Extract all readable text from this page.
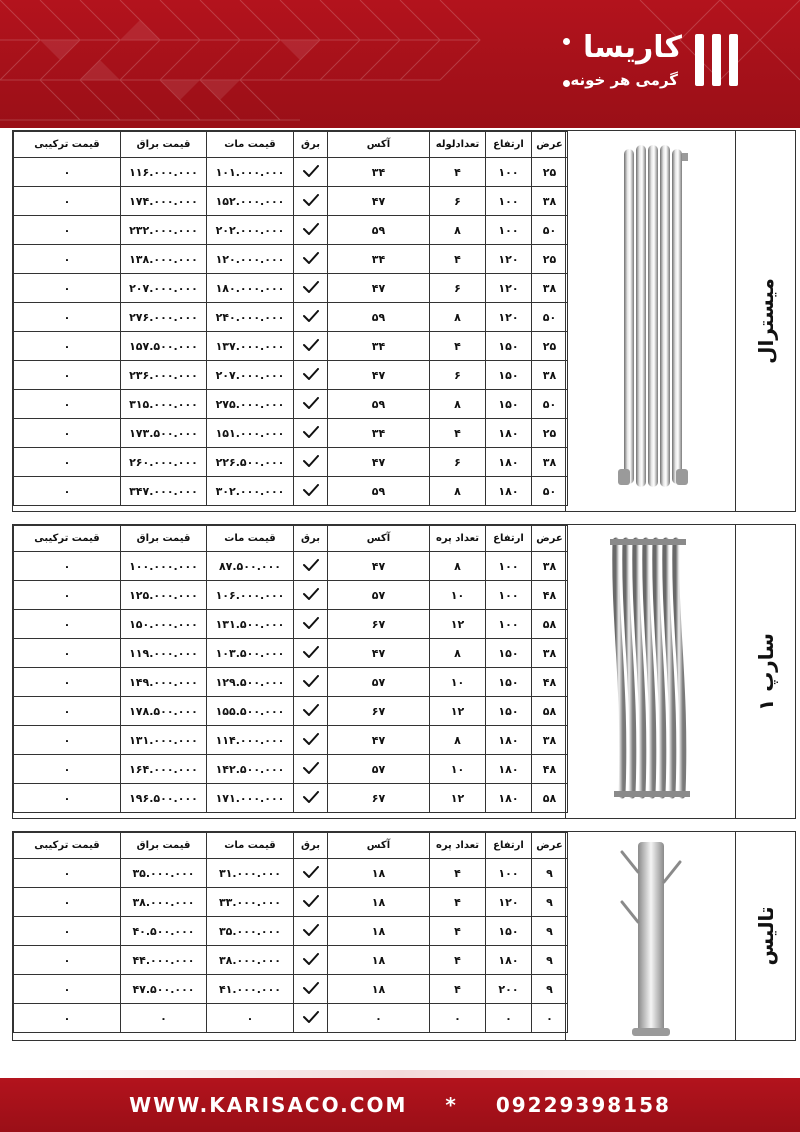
کاریسا
گرمی هر خونه
میسترال
عرض	ارتفاع	تعدادلوله	آکس	برق	قیمت مات	قیمت براق	قیمت ترکیبی
۲۵	۱۰۰	۴	۳۴		۱۰۱.۰۰۰.۰۰۰	۱۱۶.۰۰۰.۰۰۰	۰
۳۸	۱۰۰	۶	۴۷		۱۵۲.۰۰۰.۰۰۰	۱۷۴.۰۰۰.۰۰۰	۰
۵۰	۱۰۰	۸	۵۹		۲۰۲.۰۰۰.۰۰۰	۲۳۲.۰۰۰.۰۰۰	۰
۲۵	۱۲۰	۴	۳۴		۱۲۰.۰۰۰.۰۰۰	۱۳۸.۰۰۰.۰۰۰	۰
۳۸	۱۲۰	۶	۴۷		۱۸۰.۰۰۰.۰۰۰	۲۰۷.۰۰۰.۰۰۰	۰
۵۰	۱۲۰	۸	۵۹		۲۴۰.۰۰۰.۰۰۰	۲۷۶.۰۰۰.۰۰۰	۰
۲۵	۱۵۰	۴	۳۴		۱۳۷.۰۰۰.۰۰۰	۱۵۷.۵۰۰.۰۰۰	۰
۳۸	۱۵۰	۶	۴۷		۲۰۷.۰۰۰.۰۰۰	۲۳۶.۰۰۰.۰۰۰	۰
۵۰	۱۵۰	۸	۵۹		۲۷۵.۰۰۰.۰۰۰	۳۱۵.۰۰۰.۰۰۰	۰
۲۵	۱۸۰	۴	۳۴		۱۵۱.۰۰۰.۰۰۰	۱۷۳.۵۰۰.۰۰۰	۰
۳۸	۱۸۰	۶	۴۷		۲۲۶.۵۰۰.۰۰۰	۲۶۰.۰۰۰.۰۰۰	۰
۵۰	۱۸۰	۸	۵۹		۳۰۲.۰۰۰.۰۰۰	۳۴۷.۰۰۰.۰۰۰	۰
سارپ ۱
عرض	ارتفاع	تعداد پره	آکس	برق	قیمت مات	قیمت براق	قیمت ترکیبی
۳۸	۱۰۰	۸	۴۷		۸۷.۵۰۰.۰۰۰	۱۰۰.۰۰۰.۰۰۰	۰
۴۸	۱۰۰	۱۰	۵۷		۱۰۶.۰۰۰.۰۰۰	۱۲۵.۰۰۰.۰۰۰	۰
۵۸	۱۰۰	۱۲	۶۷		۱۳۱.۵۰۰.۰۰۰	۱۵۰.۰۰۰.۰۰۰	۰
۳۸	۱۵۰	۸	۴۷		۱۰۳.۵۰۰.۰۰۰	۱۱۹.۰۰۰.۰۰۰	۰
۴۸	۱۵۰	۱۰	۵۷		۱۲۹.۵۰۰.۰۰۰	۱۴۹.۰۰۰.۰۰۰	۰
۵۸	۱۵۰	۱۲	۶۷		۱۵۵.۵۰۰.۰۰۰	۱۷۸.۵۰۰.۰۰۰	۰
۳۸	۱۸۰	۸	۴۷		۱۱۴.۰۰۰.۰۰۰	۱۳۱.۰۰۰.۰۰۰	۰
۴۸	۱۸۰	۱۰	۵۷		۱۴۲.۵۰۰.۰۰۰	۱۶۴.۰۰۰.۰۰۰	۰
۵۸	۱۸۰	۱۲	۶۷		۱۷۱.۰۰۰.۰۰۰	۱۹۶.۵۰۰.۰۰۰	۰
تالیس
عرض	ارتفاع	تعداد پره	آکس	برق	قیمت مات	قیمت براق	قیمت ترکیبی
۹	۱۰۰	۴	۱۸		۳۱.۰۰۰.۰۰۰	۳۵.۰۰۰.۰۰۰	۰
۹	۱۲۰	۴	۱۸		۳۳.۰۰۰.۰۰۰	۳۸.۰۰۰.۰۰۰	۰
۹	۱۵۰	۴	۱۸		۳۵.۰۰۰.۰۰۰	۴۰.۵۰۰.۰۰۰	۰
۹	۱۸۰	۴	۱۸		۳۸.۰۰۰.۰۰۰	۴۴.۰۰۰.۰۰۰	۰
۹	۲۰۰	۴	۱۸		۴۱.۰۰۰.۰۰۰	۴۷.۵۰۰.۰۰۰	۰
۰	۰	۰	۰		۰	۰	۰
WWW.KARISACO.COM * 09229398158
